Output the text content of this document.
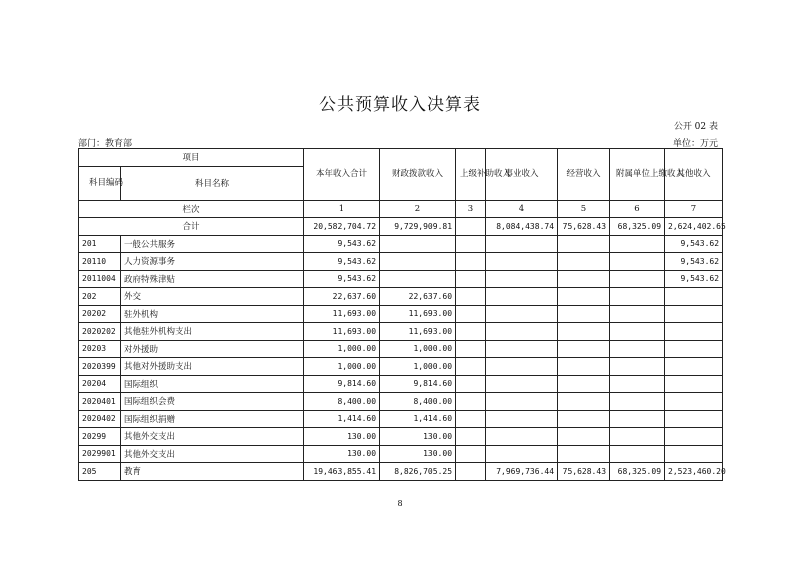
公共预算收入决算表
公开 02 表
部门：教育部	单位：万元
项目		本年收入合计	财政拨款收入	上级补助收入	事业收入	经营收入	附属单位上缴收入	其他收入
科目编码	科目名称							
栏次		1	2	3	4	5	6	7
合计		20,582,704.72	9,729,909.81		8,084,438.74	75,628.43	68,325.09	2,624,402.65
201	一般公共服务	9,543.62						9,543.62
20110	人力资源事务	9,543.62						9,543.62
2011004	政府特殊津贴	9,543.62						9,543.62
202	外交	22,637.60	22,637.60					
20202	驻外机构	11,693.00	11,693.00					
2020202	其他驻外机构支出	11,693.00	11,693.00					
20203	对外援助	1,000.00	1,000.00					
2020399	其他对外援助支出	1,000.00	1,000.00					
20204	国际组织	9,814.60	9,814.60					
2020401	国际组织会费	8,400.00	8,400.00					
2020402	国际组织捐赠	1,414.60	1,414.60					
20299	其他外交支出	130.00	130.00					
2029901	其他外交支出	130.00	130.00					
205	教育	19,463,855.41	8,826,705.25		7,969,736.44	75,628.43	68,325.09	2,523,460.20
8
